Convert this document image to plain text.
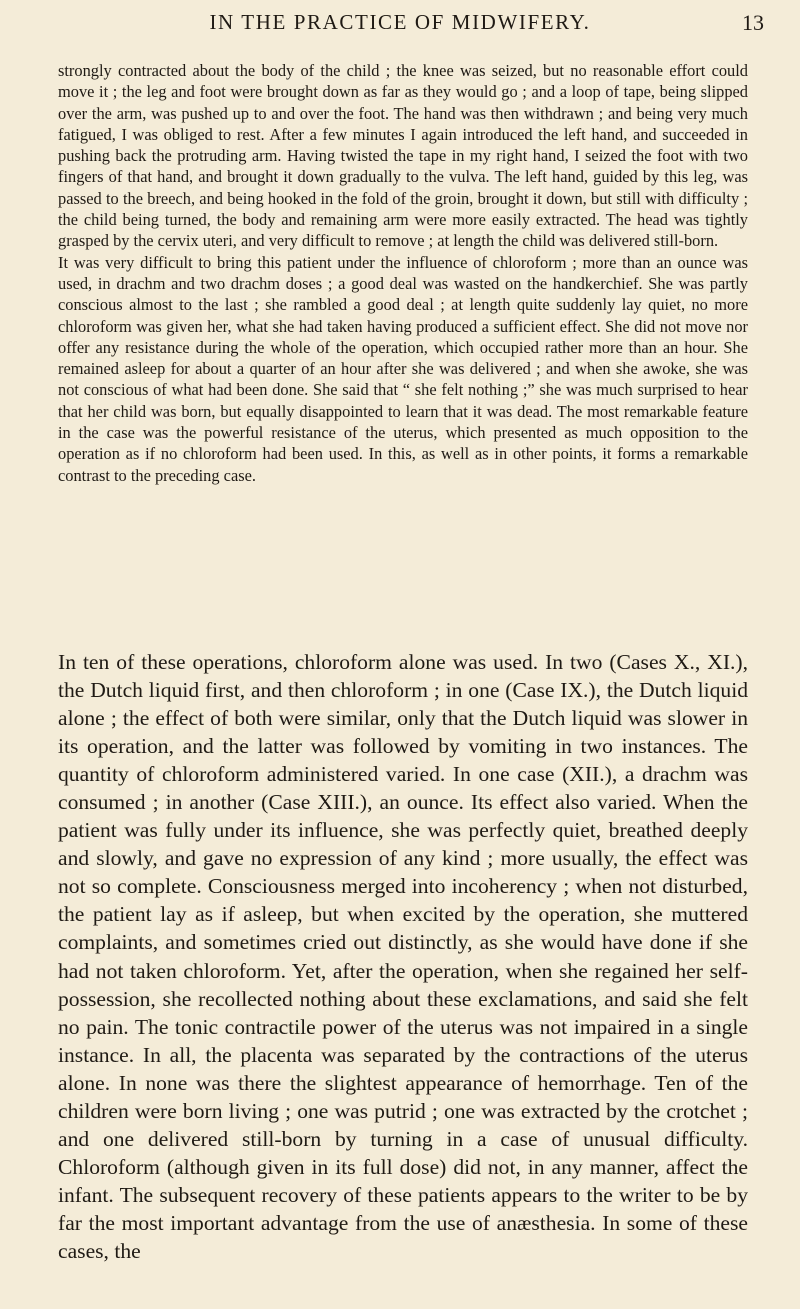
IN THE PRACTICE OF MIDWIFERY.	13

strongly contracted about the body of the child ; the knee was seized, but no reasonable effort could move it ; the leg and foot were brought down as far as they would go ; and a loop of tape, being slipped over the arm, was pushed up to and over the foot. The hand was then withdrawn ; and being very much fatigued, I was obliged to rest. After a few minutes I again introduced the left hand, and succeeded in pushing back the protruding arm. Having twisted the tape in my right hand, I seized the foot with two fingers of that hand, and brought it down gradually to the vulva. The left hand, guided by this leg, was passed to the breech, and being hooked in the fold of the groin, brought it down, but still with difficulty ; the child being turned, the body and remaining arm were more easily extracted. The head was tightly grasped by the cervix uteri, and very difficult to remove ; at length the child was delivered still-born.

It was very difficult to bring this patient under the influence of chloroform ; more than an ounce was used, in drachm and two drachm doses ; a good deal was wasted on the handkerchief. She was partly conscious almost to the last ; she rambled a good deal ; at length quite suddenly lay quiet, no more chloroform was given her, what she had taken having produced a sufficient effect. She did not move nor offer any resistance during the whole of the operation, which occupied rather more than an hour. She remained asleep for about a quarter of an hour after she was delivered ; and when she awoke, she was not conscious of what had been done. She said that “ she felt nothing ;” she was much surprised to hear that her child was born, but equally disappointed to learn that it was dead. The most remarkable feature in the case was the powerful resistance of the uterus, which presented as much opposition to the operation as if no chloroform had been used. In this, as well as in other points, it forms a remarkable contrast to the preceding case.

In ten of these operations, chloroform alone was used. In two (Cases X., XI.), the Dutch liquid first, and then chloroform ; in one (Case IX.), the Dutch liquid alone ; the effect of both were similar, only that the Dutch liquid was slower in its operation, and the latter was followed by vomiting in two instances. The quantity of chloroform administered varied. In one case (XII.), a drachm was consumed ; in another (Case XIII.), an ounce. Its effect also varied. When the patient was fully under its influence, she was perfectly quiet, breathed deeply and slowly, and gave no expression of any kind ; more usually, the effect was not so complete. Consciousness merged into incoherency ; when not disturbed, the patient lay as if asleep, but when excited by the operation, she muttered complaints, and sometimes cried out distinctly, as she would have done if she had not taken chloroform. Yet, after the operation, when she regained her self-possession, she recollected nothing about these exclamations, and said she felt no pain. The tonic contractile power of the uterus was not impaired in a single instance. In all, the placenta was separated by the contractions of the uterus alone. In none was there the slightest appearance of hemorrhage. Ten of the children were born living ; one was putrid ; one was extracted by the crotchet ; and one delivered still-born by turning in a case of unusual difficulty. Chloroform (although given in its full dose) did not, in any manner, affect the infant. The subsequent recovery of these patients appears to the writer to be by far the most important advantage from the use of anæsthesia. In some of these cases, the
